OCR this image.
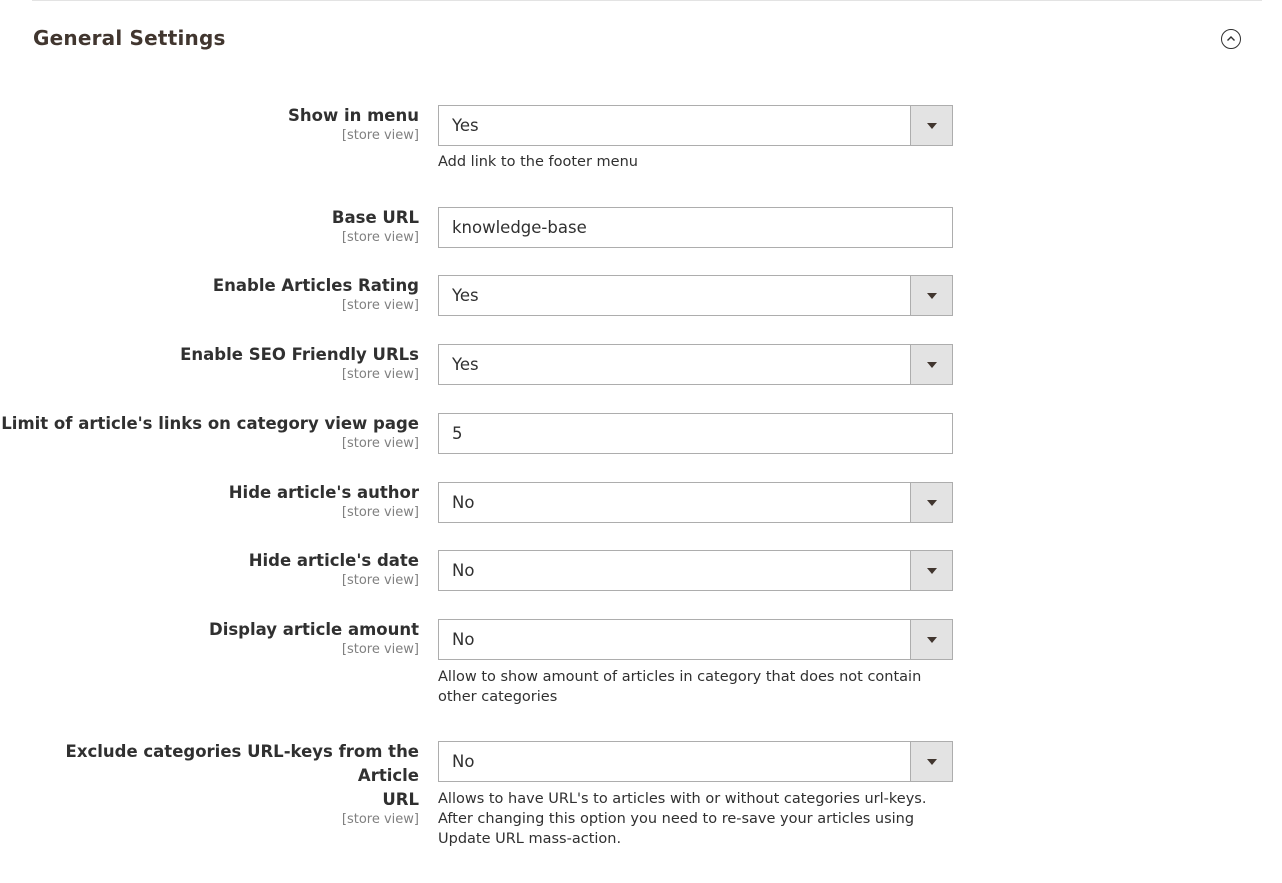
General Settings
Show in menu
[store view]
Yes
Add link to the footer menu
Base URL
[store view]
knowledge-base
Enable Articles Rating
[store view]
Yes
Enable SEO Friendly URLs
[store view]
Yes
Limit of article's links on category view page
[store view]
5
Hide article's author
[store view]
No
Hide article's date
[store view]
No
Display article amount
[store view]
No
Allow to show amount of articles in category that does not contain other categories
Exclude categories URL-keys from the Article
URL
[store view]
No
Allows to have URL's to articles with or without categories url-keys. After changing this option you need to re-save your articles using Update URL mass-action.
